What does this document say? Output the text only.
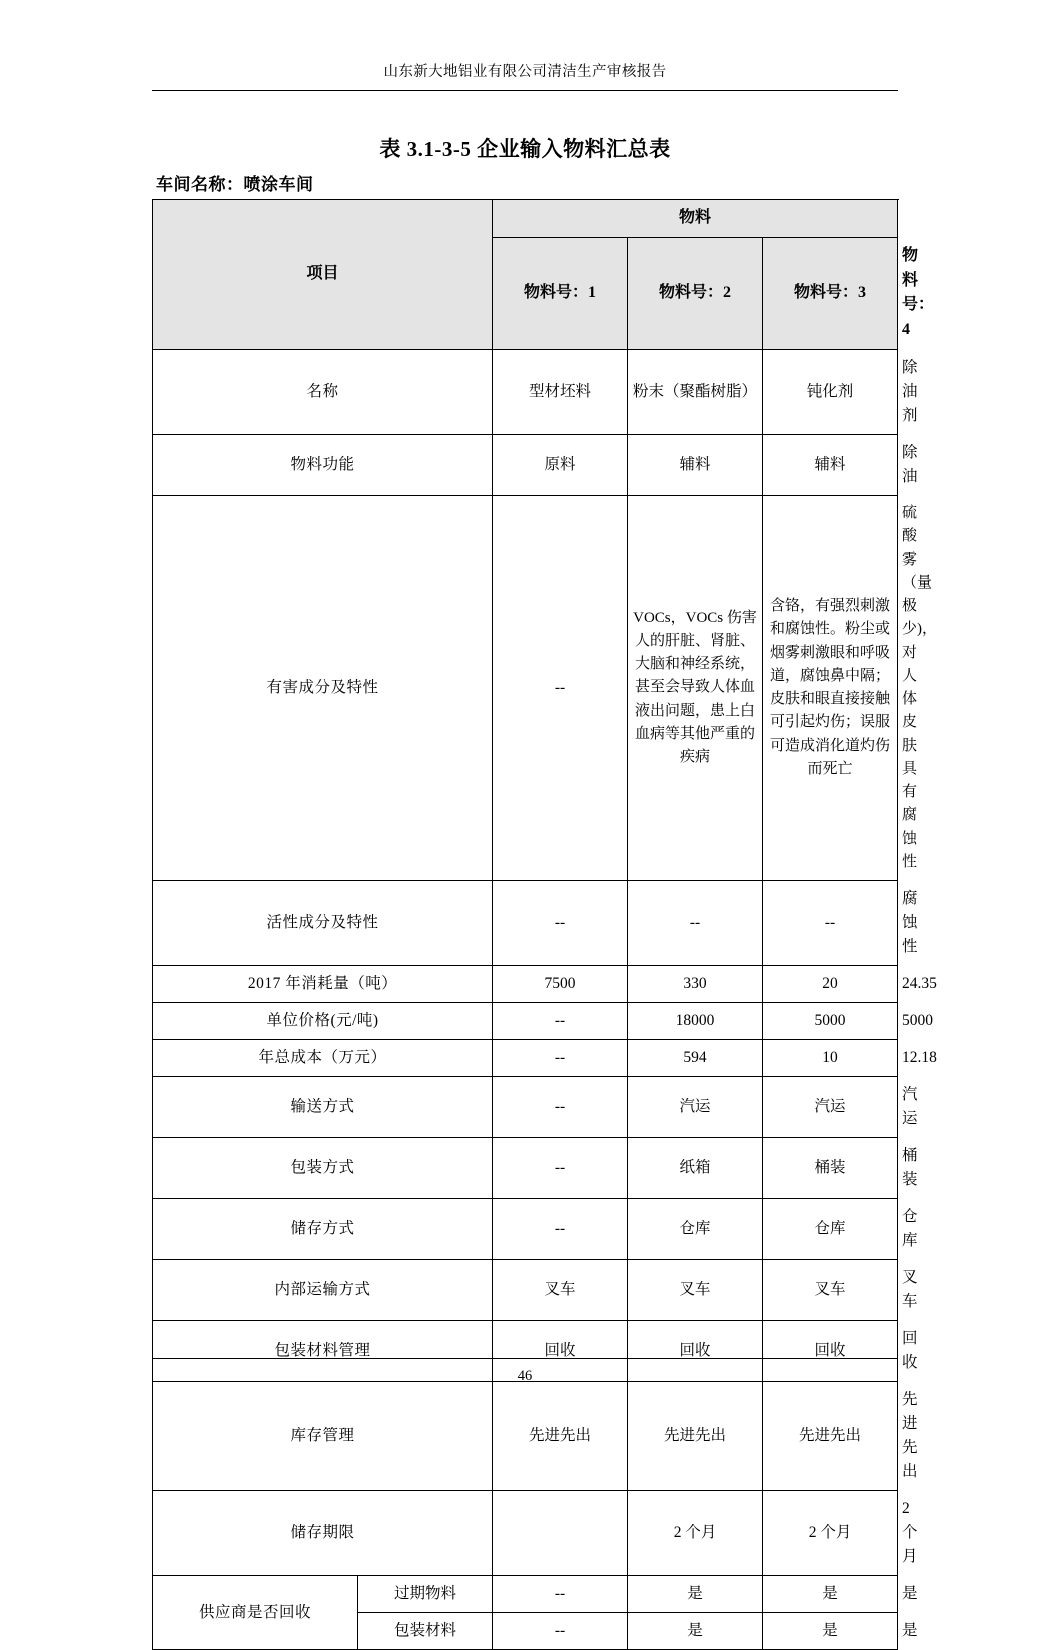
山东新大地铝业有限公司清洁生产审核报告
表 3.1-3-5 企业输入物料汇总表
车间名称：喷涂车间
项目		物料			
		物料号：1	物料号：2	物料号：3	物料号：4
名称		型材坯料	粉末（聚酯树脂）	钝化剂	除油剂
物料功能		原料	辅料	辅料	除油
有害成分及特性		--	VOCs，VOCs 伤害人的肝脏、肾脏、大脑和神经系统，甚至会导致人体血液出问题，患上白血病等其他严重的疾病	含铬，有强烈刺激和腐蚀性。粉尘或烟雾刺激眼和呼吸道，腐蚀鼻中隔；皮肤和眼直接接触可引起灼伤；误服可造成消化道灼伤而死亡	硫酸雾（量极少)，对人体皮肤具有腐蚀性
活性成分及特性		--	--	--	腐蚀性
2017 年消耗量（吨）		7500	330	20	24.35
单位价格(元/吨)		--	18000	5000	5000
年总成本（万元）		--	594	10	12.18
输送方式		--	汽运	汽运	汽运
包装方式		--	纸箱	桶装	桶装
储存方式		--	仓库	仓库	仓库
内部运输方式		叉车	叉车	叉车	叉车
包装材料管理		回收	回收	回收	回收
库存管理		先进先出	先进先出	先进先出	先进先出
储存期限			2 个月	2 个月	2 个月
供应商是否回收	过期物料	--	是	是	是
	包装材料	--	是	是	是
46
